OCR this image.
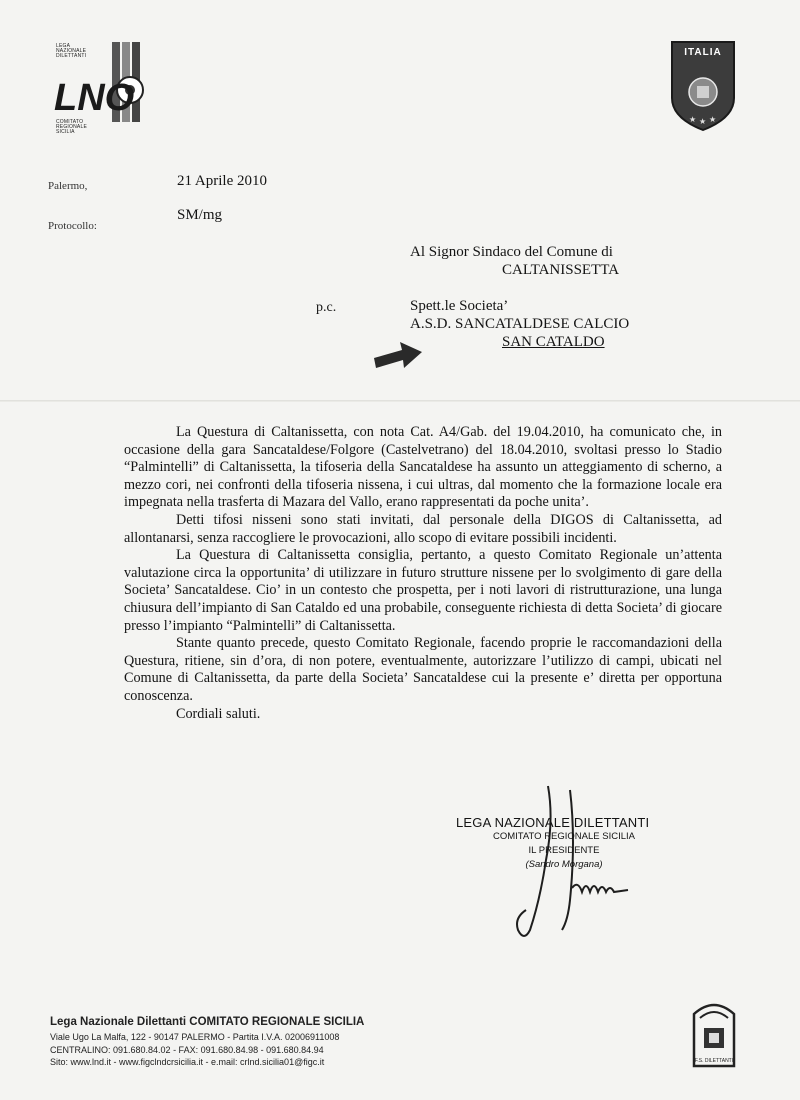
LEGA
NAZIONALE
DILETTANTI
LNO
COMITATO
REGIONALE
SICILIA
★ ★ ★
ITALIA
Palermo,	21 Aprile 2010
SM/mg
Protocollo:
Al Signor Sindaco del Comune di
CALTANISSETTA
p.c.	Spett.le Societa’
A.S.D. SANCATALDESE CALCIO
SAN CATALDO

La Questura di Caltanissetta, con nota Cat. A4/Gab. del 19.04.2010, ha comunicato che, in occasione della gara Sancataldese/Folgore (Castelvetrano) del 18.04.2010, svoltasi presso lo Stadio “Palmintelli” di Caltanissetta, la tifoseria della Sancataldese ha assunto un atteggiamento di scherno, a mezzo cori, nei confronti della tifoseria nissena, i cui ultras, dal momento che la formazione locale era impegnata nella trasferta di Mazara del Vallo, erano rappresentati da poche unita’.

Detti tifosi nisseni sono stati invitati, dal personale della DIGOS di Caltanissetta, ad allontanarsi, senza raccogliere le provocazioni, allo scopo di evitare possibili incidenti.

La Questura di Caltanissetta consiglia, pertanto, a questo Comitato Regionale un’attenta valutazione circa la opportunita’ di utilizzare in futuro strutture nissene per lo svolgimento di gare della Societa’ Sancataldese. Cio’ in un contesto che prospetta, per i noti lavori di ristrutturazione, una lunga chiusura dell’impianto di San Cataldo ed una probabile, conseguente richiesta di detta Societa’ di giocare presso l’impianto “Palmintelli” di Caltanissetta.

Stante quanto precede, questo Comitato Regionale, facendo proprie le raccomandazioni della Questura, ritiene, sin d’ora, di non potere, eventualmente, autorizzare l’utilizzo di campi, ubicati nel Comune di Caltanissetta, da parte della Societa’ Sancataldese cui la presente e’ diretta per opportuna conoscenza.

Cordiali saluti.

LEGA NAZIONALE DILETTANTI
COMITATO REGIONALE SICILIA
IL PRESIDENTE
(Sandro Morgana)
Lega Nazionale Dilettanti COMITATO REGIONALE SICILIA
Viale Ugo La Malfa, 122 - 90147 PALERMO - Partita I.V.A. 02006911008
CENTRALINO: 091.680.84.02 - FAX: 091.680.84.98 - 091.680.84.94
Sito: www.lnd.it - www.figclndcrsicilia.it - e.mail: crlnd.sicilia01@figc.it	F.S. DILETTANTI
